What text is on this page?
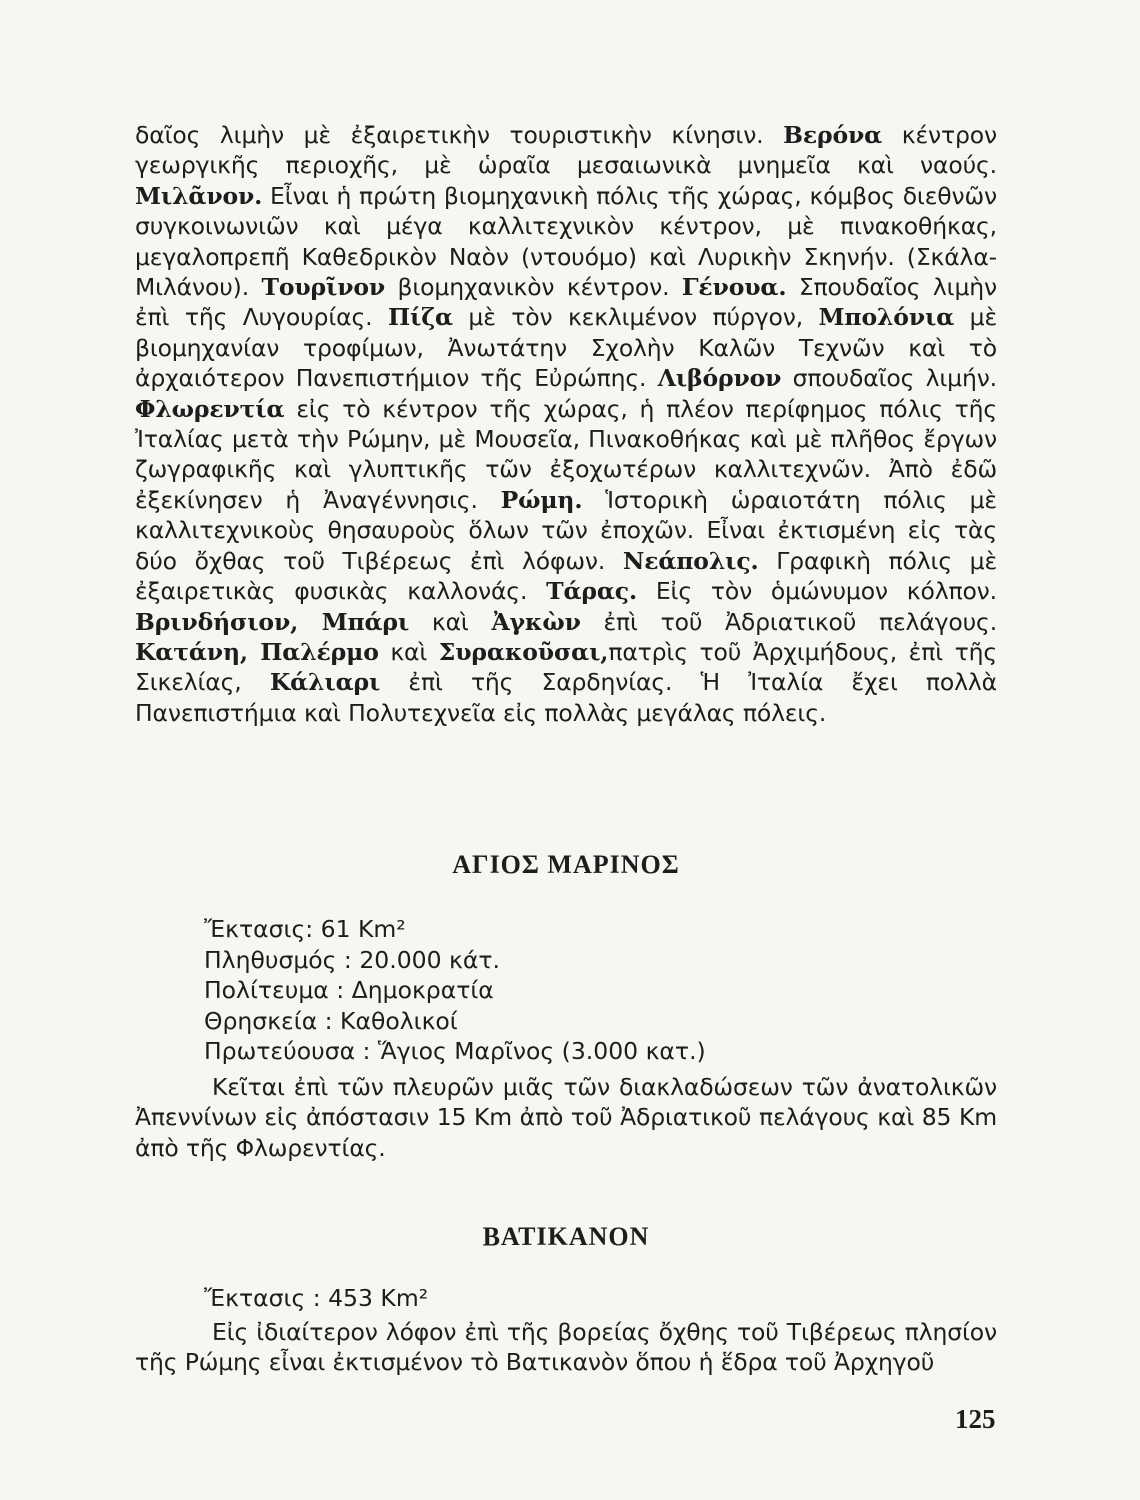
δαῖος λιμὴν μὲ ἐξαιρετικὴν τουριστικὴν κίνησιν. Βερόνα κέντρον γεωργικῆς περιοχῆς, μὲ ὡραῖα μεσαιωνικὰ μνημεῖα καὶ ναούς. Μιλᾶνον. Εἶναι ἡ πρώτη βιομηχανικὴ πόλις τῆς χώρας, κόμβος διεθνῶν συγκοινωνιῶν καὶ μέγα καλλιτεχνικὸν κέντρον, μὲ πινακοθήκας, μεγαλοπρεπῆ Καθεδρικὸν Ναὸν (ντουόμο) καὶ Λυρικὴν Σκηνήν. (Σκάλα-Μιλάνου). Τουρῖνον βιομηχανικὸν κέντρον. Γένουα. Σπουδαῖος λιμὴν ἐπὶ τῆς Λυγουρίας. Πίζα μὲ τὸν κεκλιμένον πύργον, Μπολόνια μὲ βιομηχανίαν τροφίμων, Ἀνωτάτην Σχολὴν Καλῶν Τεχνῶν καὶ τὸ ἀρχαιότερον Πανεπιστήμιον τῆς Εὐρώπης. Λιβόρνον σπουδαῖος λιμήν. Φλωρεντία εἰς τὸ κέντρον τῆς χώρας, ἡ πλέον περίφημος πόλις τῆς Ἰταλίας μετὰ τὴν Ρώμην, μὲ Μουσεῖα, Πινακοθήκας καὶ μὲ πλῆθος ἔργων ζωγραφικῆς καὶ γλυπτικῆς τῶν ἐξοχωτέρων καλλιτεχνῶν. Ἀπὸ ἐδῶ ἐξεκίνησεν ἡ Ἀναγέννησις. Ρώμη. Ἱστορικὴ ὡραιοτάτη πόλις μὲ καλλιτεχνικοὺς θησαυροὺς ὅλων τῶν ἐποχῶν. Εἶναι ἐκτισμένη εἰς τὰς δύο ὄχθας τοῦ Τιβέρεως ἐπὶ λόφων. Νεάπολις. Γραφικὴ πόλις μὲ ἐξαιρετικὰς φυσικὰς καλλονάς. Τάρας. Εἰς τὸν ὁμώνυμον κόλπον. Βρινδήσιον, Μπάρι καὶ Ἀγκὼν ἐπὶ τοῦ Ἀδριατικοῦ πελάγους. Κατάνη, Παλέρμο καὶ Συρακοῦσαι,πατρὶς τοῦ Ἀρχιμήδους, ἐπὶ τῆς Σικελίας, Κάλιαρι ἐπὶ τῆς Σαρδηνίας. Ἡ Ἰταλία ἔχει πολλὰ Πανεπιστήμια καὶ Πολυτεχνεῖα εἰς πολλὰς μεγάλας πόλεις.

ΑΓΙΟΣ ΜΑΡΙΝΟΣ
Ἔκτασις: 61 Km²
Πληθυσμός : 20.000 κάτ.
Πολίτευμα : Δημοκρατία
Θρησκεία : Καθολικοί
Πρωτεύουσα : Ἅγιος Μαρῖνος (3.000 κατ.)

Κεῖται ἐπὶ τῶν πλευρῶν μιᾶς τῶν διακλαδώσεων τῶν ἀνατολικῶν Ἀπεννίνων εἰς ἀπόστασιν 15 Km ἀπὸ τοῦ Ἀδριατικοῦ πελάγους καὶ 85 Km ἀπὸ τῆς Φλωρεντίας.

ΒΑΤΙΚΑΝΟΝ
Ἔκτασις : 453 Km²

Εἰς ἰδιαίτερον λόφον ἐπὶ τῆς βορείας ὄχθης τοῦ Τιβέρεως πλησίον τῆς Ρώμης εἶναι ἐκτισμένον τὸ Βατικανὸν ὅπου ἡ ἕδρα τοῦ Ἀρχηγοῦ

125
